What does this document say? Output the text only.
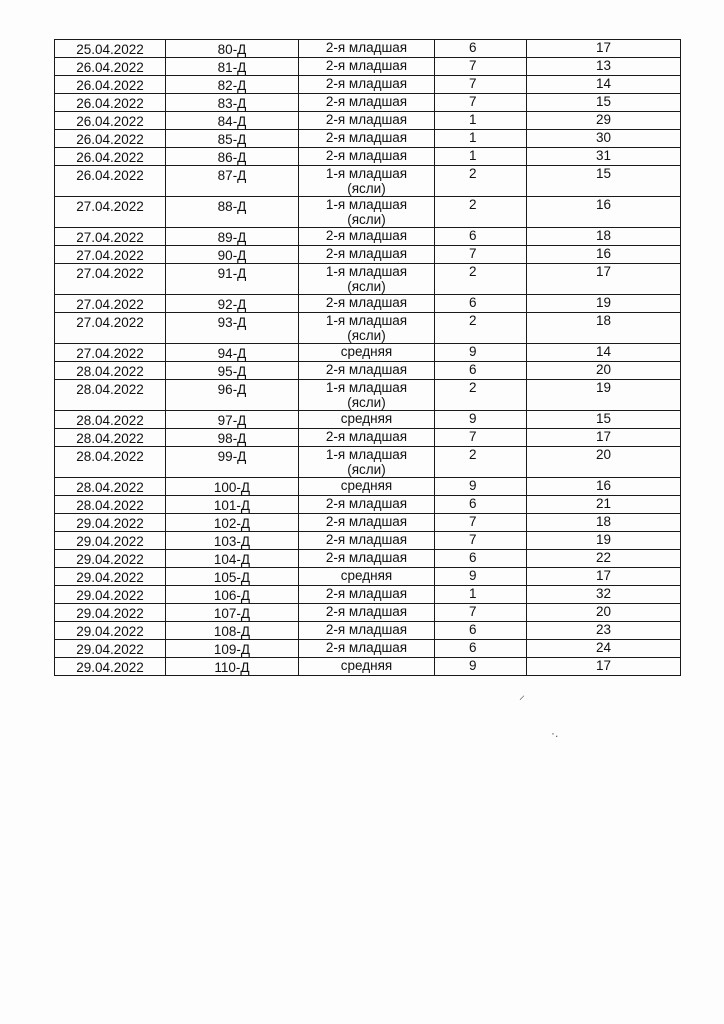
25.04.2022	80-Д	2-я младшая	6	17
26.04.2022	81-Д	2-я младшая	7	13
26.04.2022	82-Д	2-я младшая	7	14
26.04.2022	83-Д	2-я младшая	7	15
26.04.2022	84-Д	2-я младшая	1	29
26.04.2022	85-Д	2-я младшая	1	30
26.04.2022	86-Д	2-я младшая	1	31
26.04.2022	87-Д	1-я младшая
(ясли)	2	15
27.04.2022	88-Д	1-я младшая
(ясли)	2	16
27.04.2022	89-Д	2-я младшая	6	18
27.04.2022	90-Д	2-я младшая	7	16
27.04.2022	91-Д	1-я младшая
(ясли)	2	17
27.04.2022	92-Д	2-я младшая	6	19
27.04.2022	93-Д	1-я младшая
(ясли)	2	18
27.04.2022	94-Д	средняя	9	14
28.04.2022	95-Д	2-я младшая	6	20
28.04.2022	96-Д	1-я младшая
(ясли)	2	19
28.04.2022	97-Д	средняя	9	15
28.04.2022	98-Д	2-я младшая	7	17
28.04.2022	99-Д	1-я младшая
(ясли)	2	20
28.04.2022	100-Д	средняя	9	16
28.04.2022	101-Д	2-я младшая	6	21
29.04.2022	102-Д	2-я младшая	7	18
29.04.2022	103-Д	2-я младшая	7	19
29.04.2022	104-Д	2-я младшая	6	22
29.04.2022	105-Д	средняя	9	17
29.04.2022	106-Д	2-я младшая	1	32
29.04.2022	107-Д	2-я младшая	7	20
29.04.2022	108-Д	2-я младшая	6	23
29.04.2022	109-Д	2-я младшая	6	24
29.04.2022	110-Д	средняя	9	17
⸝
·.
